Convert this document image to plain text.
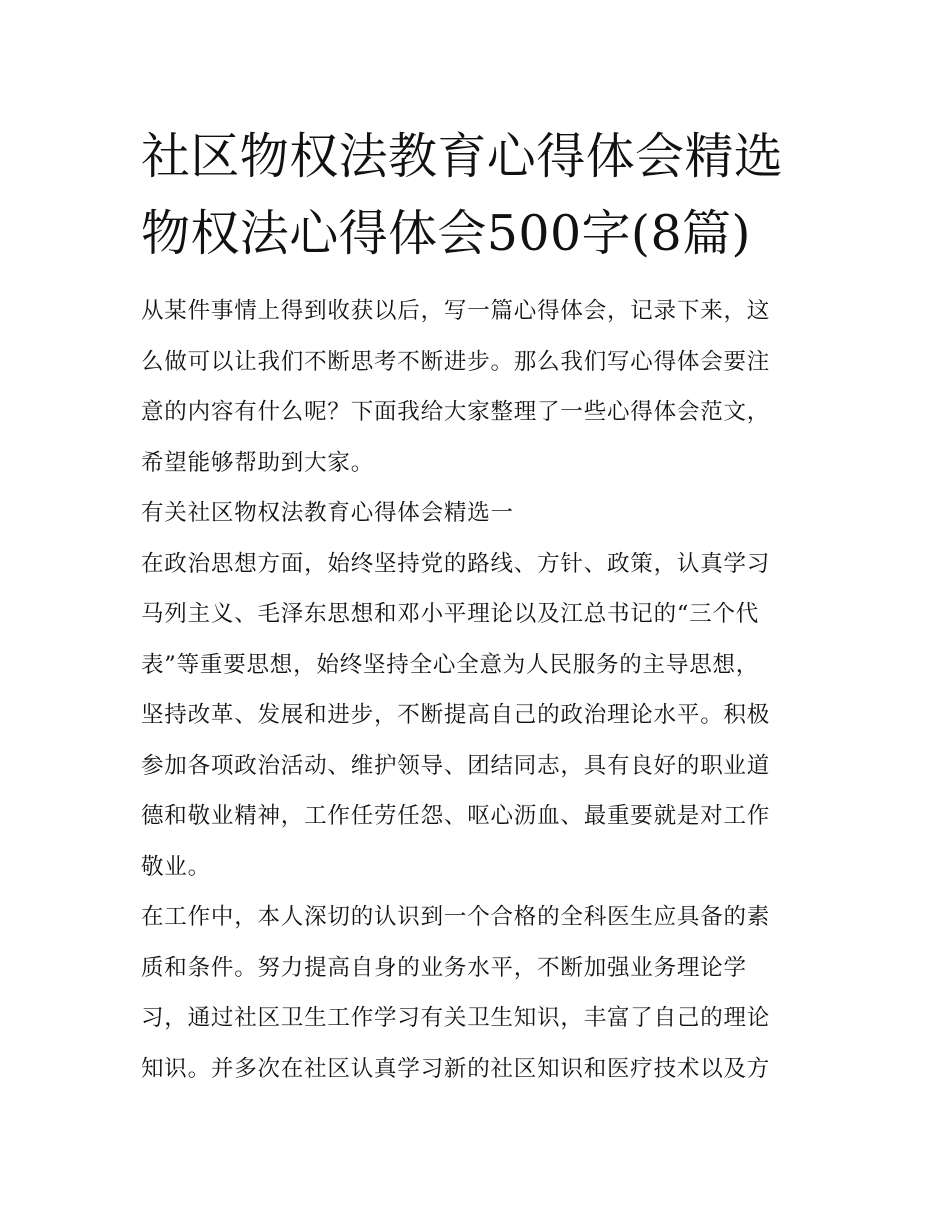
社区物权法教育心得体会精选
物权法心得体会500字(8篇)

从某件事情上得到收获以后，写一篇心得体会，记录下来，这
么做可以让我们不断思考不断进步。那么我们写心得体会要注
意的内容有什么呢？下面我给大家整理了一些心得体会范文，
希望能够帮助到大家。

有关社区物权法教育心得体会精选一

在政治思想方面，始终坚持党的路线、方针、政策，认真学习
马列主义、毛泽东思想和邓小平理论以及江总书记的“三个代
表”等重要思想，始终坚持全心全意为人民服务的主导思想，
坚持改革、发展和进步，不断提高自己的政治理论水平。积极
参加各项政治活动、维护领导、团结同志，具有良好的职业道
德和敬业精神，工作任劳任怨、呕心沥血、最重要就是对工作
敬业。

在工作中，本人深切的认识到一个合格的全科医生应具备的素
质和条件。努力提高自身的业务水平，不断加强业务理论学
习，通过社区卫生工作学习有关卫生知识，丰富了自己的理论
知识。并多次在社区认真学习新的社区知识和医疗技术以及方
